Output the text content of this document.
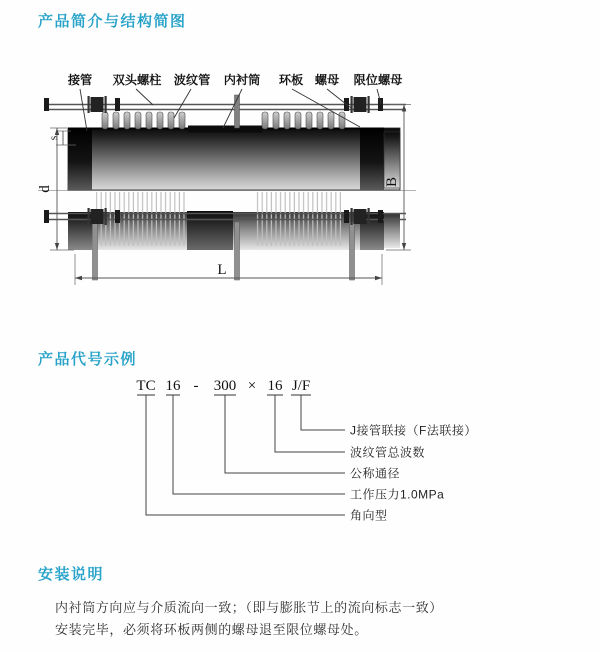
产品简介与结构简图
接管 双头螺柱 波纹管 内衬筒 环板 螺母 限位螺母
s
d
B
L
产品代号示例
TC 16 - 300 × 16 J/F
J接管联接（F法联接）
波纹管总波数
公称通径
工作压力1.0MPa
角向型
安装说明

内衬筒方向应与介质流向一致；（即与膨胀节上的流向标志一致）

安装完毕，必须将环板两侧的螺母退至限位螺母处。
